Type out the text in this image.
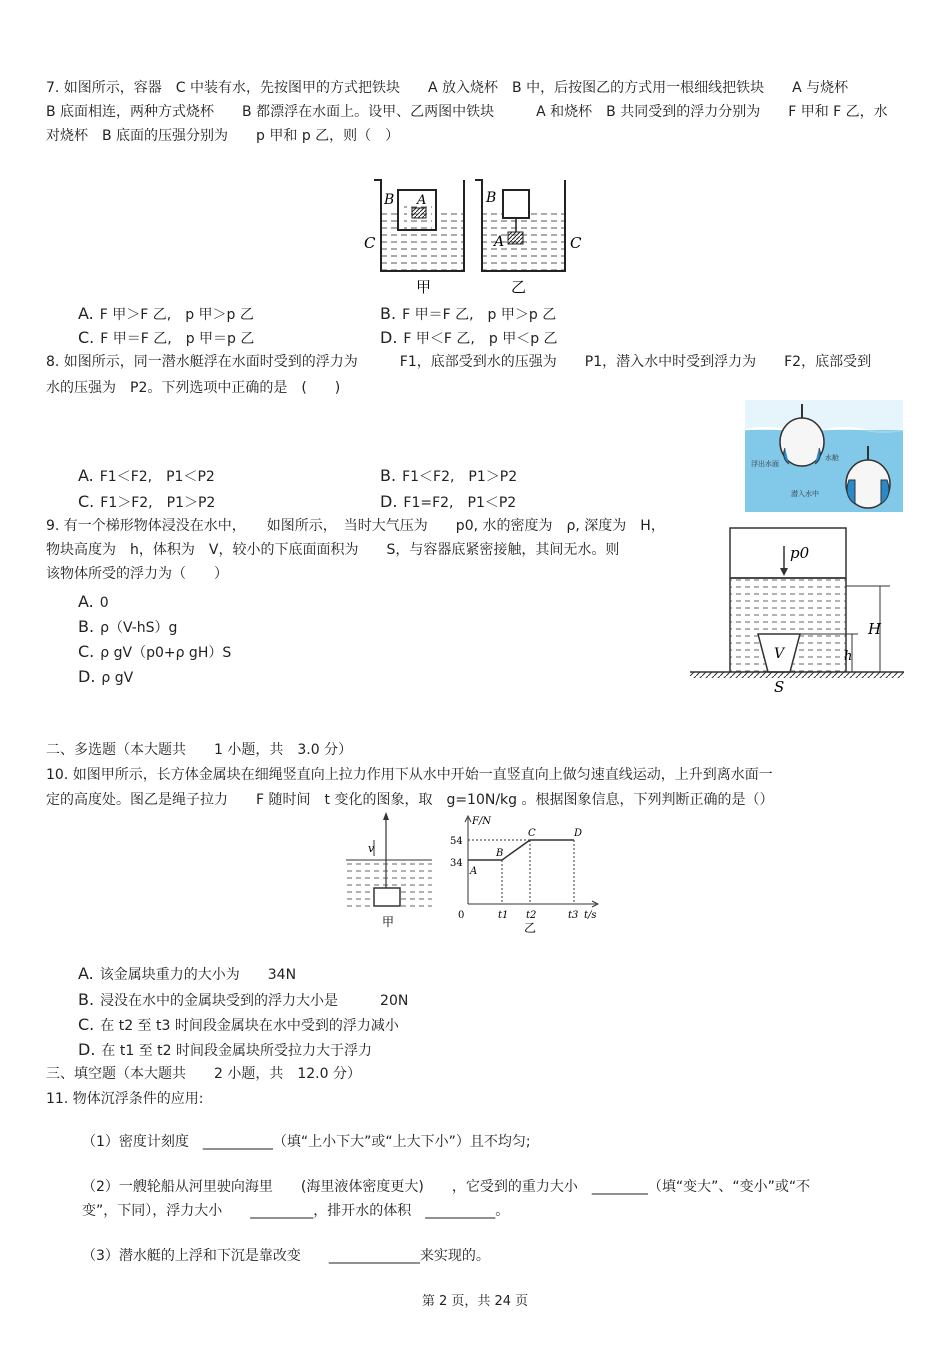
7. 如图所示，容器　C 中装有水，先按图甲的方式把铁块　　A 放入烧杯　B 中，后按图乙的方式用一根细线把铁块　　A 与烧杯
B 底面相连，两种方式烧杯　　B 都漂浮在水面上。设甲、乙两图中铁块　　　A 和烧杯　B 共同受到的浮力分别为　　F 甲和 F 乙，水
对烧杯　B 底面的压强分别为　　p 甲和 p 乙，则（　）
B A
C
B
A	C
甲	乙
A. F 甲＞F 乙,　p 甲＞p 乙	B. F 甲＝F 乙,　p 甲＞p 乙
C. F 甲＝F 乙,　p 甲＝p 乙	D. F 甲＜F 乙,　p 甲＜p 乙
8. 如图所示，同一潜水艇浮在水面时受到的浮力为　　　F1，底部受到水的压强为　　P1，潜入水中时受到浮力为　　F2，底部受到
水的压强为　P2。下列选项中正确的是　(　　)
浮出水面
水舱
潜入水中
A. F1＜F2,　P1＜P2	B. F1＜F2,　P1＞P2
C. F1＞F2,　P1＞P2	D. F1=F2,　P1＜P2
9. 有一个梯形物体浸没在水中，　　如图所示，　当时大气压为　　p0, 水的密度为　ρ, 深度为　H，
物块高度为　h，体积为　V，较小的下底面面积为　　S，与容器底紧密接触，其间无水。则
该物体所受的浮力为（　　）
p0
V
H
h
S
A. 0
B. ρ（V-hS）g
C. ρ gV（p0+ρ gH）S
D. ρ gV
二、多选题（本大题共　　1 小题，共　3.0 分）
10. 如图甲所示，长方体金属块在细绳竖直向上拉力作用下从水中开始一直竖直向上做匀速直线运动，上升到离水面一
定的高度处。图乙是绳子拉力　　F 随时间　t 变化的图象，取　g=10N/kg 。根据图象信息，下列判断正确的是（）
v
甲
F/N
54
34
A
B
C	D
0	t1 t2	t3 t/s
乙
A. 该金属块重力的大小为　　34N
B. 浸没在水中的金属块受到的浮力大小是　　　20N
C. 在 t2 至 t3 时间段金属块在水中受到的浮力减小
D. 在 t1 至 t2 时间段金属块所受拉力大于浮力
三、填空题（本大题共　　2 小题，共　12.0 分）
11. 物体沉浮条件的应用:
（1）密度计刻度　__________（填“上小下大”或“上大下小”）且不均匀;
（2）一艘轮船从河里驶向海里　　(海里液体密度更大)　　，它受到的重力大小　________（填“变大”、“变小”或“不
变”，下同），浮力大小　　_________，排开水的体积　__________。
（3）潜水艇的上浮和下沉是靠改变　　_____________来实现的。
第 2 页，共 24 页
